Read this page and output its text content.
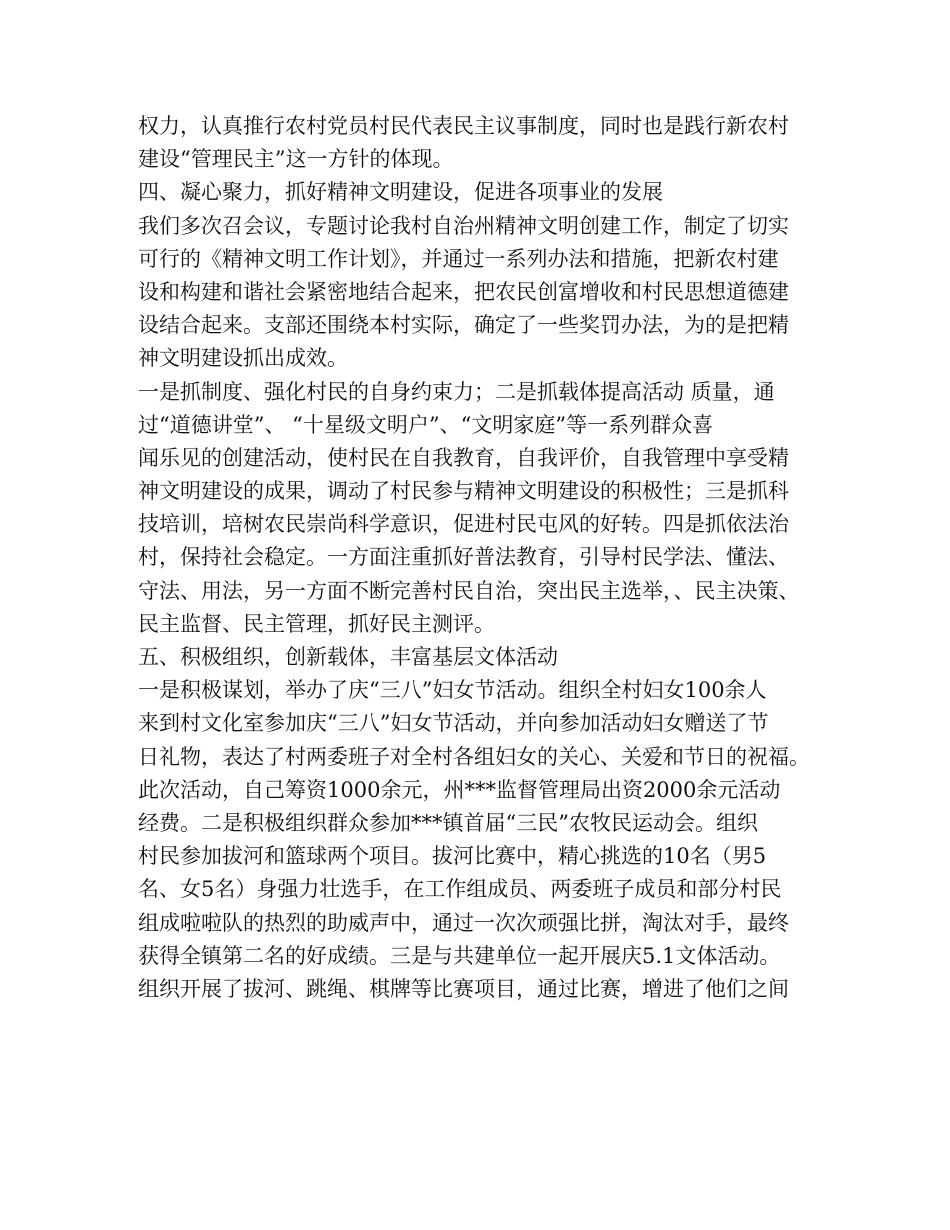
权力，认真推行农村党员村民代表民主议事制度，同时也是践行新农村
建设“管理民主”这一方针的体现。
四、凝心聚力，抓好精神文明建设，促进各项事业的发展
我们多次召会议，专题讨论我村自治州精神文明创建工作，制定了切实
可行的《精神文明工作计划》，并通过一系列办法和措施，把新农村建
设和构建和谐社会紧密地结合起来，把农民创富增收和村民思想道德建
设结合起来。支部还围绕本村实际，确定了一些奖罚办法，为的是把精
神文明建设抓出成效。
一是抓制度、强化村民的自身约束力；二是抓载体提高活动 质量，通
过“道德讲堂”、 “十星级文明户”、“文明家庭”等一系列群众喜
闻乐见的创建活动，使村民在自我教育，自我评价，自我管理中享受精
神文明建设的成果，调动了村民参与精神文明建设的积极性；三是抓科
技培训，培树农民崇尚科学意识，促进村民屯风的好转。四是抓依法治
村，保持社会稳定。一方面注重抓好普法教育，引导村民学法、懂法、
守法、用法，另一方面不断完善村民自治，突出民主选举，、民主决策、
民主监督、民主管理，抓好民主测评。
五、积极组织，创新载体，丰富基层文体活动
一是积极谋划，举办了庆“三八”妇女节活动。组织全村妇女100余人
来到村文化室参加庆“三八”妇女节活动，并向参加活动妇女赠送了节
日礼物，表达了村两委班子对全村各组妇女的关心、关爱和节日的祝福。
此次活动，自己筹资1000余元，州***监督管理局出资2000余元活动
经费。二是积极组织群众参加***镇首届“三民”农牧民运动会。组织
村民参加拔河和篮球两个项目。拔河比赛中，精心挑选的10名（男5
名、女5名）身强力壮选手，在工作组成员、两委班子成员和部分村民
组成啦啦队的热烈的助威声中，通过一次次顽强比拼，淘汰对手，最终
获得全镇第二名的好成绩。三是与共建单位一起开展庆5.1文体活动。
组织开展了拔河、跳绳、棋牌等比赛项目，通过比赛，增进了他们之间
